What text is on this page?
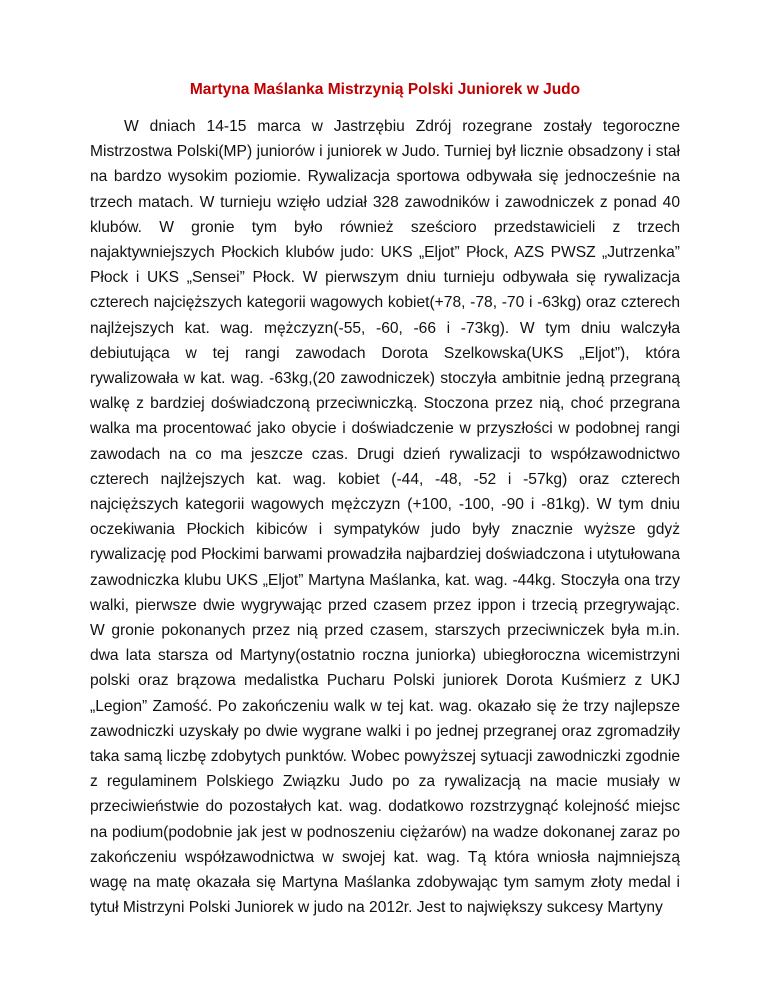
Martyna Maślanka Mistrzynią Polski Juniorek w Judo

W dniach 14-15 marca w Jastrzębiu Zdrój rozegrane zostały tegoroczne Mistrzostwa Polski(MP) juniorów i juniorek w Judo. Turniej był licznie obsadzony i stał na bardzo wysokim poziomie. Rywalizacja sportowa odbywała się jednocześnie na trzech matach. W turnieju wzięło udział 328 zawodników i zawodniczek z ponad 40 klubów. W gronie tym było również sześcioro przedstawicieli z trzech najaktywniejszych Płockich klubów judo: UKS „Eljot” Płock, AZS PWSZ „Jutrzenka” Płock i UKS „Sensei” Płock. W pierwszym dniu turnieju odbywała się rywalizacja czterech najcięższych kategorii wagowych kobiet(+78, -78, -70 i -63kg) oraz czterech najlżejszych kat. wag. mężczyzn(-55, -60, -66 i -73kg). W tym dniu walczyła debiutująca w tej rangi zawodach Dorota Szelkowska(UKS „Eljot”), która rywalizowała w kat. wag. -63kg,(20 zawodniczek) stoczyła ambitnie jedną przegraną walkę z bardziej doświadczoną przeciwniczką. Stoczona przez nią, choć przegrana walka ma procentować jako obycie i doświadczenie w przyszłości w podobnej rangi zawodach na co ma jeszcze czas. Drugi dzień rywalizacji to współzawodnictwo czterech najlżejszych kat. wag. kobiet (-44, -48, -52 i -57kg) oraz czterech najcięższych kategorii wagowych mężczyzn (+100, -100, -90 i -81kg). W tym dniu oczekiwania Płockich kibiców i sympatyków judo były znacznie wyższe gdyż rywalizację pod Płockimi barwami prowadziła najbardziej doświadczona i utytułowana zawodniczka klubu UKS „Eljot” Martyna Maślanka, kat. wag. -44kg. Stoczyła ona trzy walki, pierwsze dwie wygrywając przed czasem przez ippon i trzecią przegrywając. W gronie pokonanych przez nią przed czasem, starszych przeciwniczek była m.in. dwa lata starsza od Martyny(ostatnio roczna juniorka) ubiegłoroczna wicemistrzyni polski oraz brązowa medalistka Pucharu Polski juniorek Dorota Kuśmierz z UKJ „Legion” Zamość. Po zakończeniu walk w tej kat. wag. okazało się że trzy najlepsze zawodniczki uzyskały po dwie wygrane walki i po jednej przegranej oraz zgromadziły taka samą liczbę zdobytych punktów. Wobec powyższej sytuacji zawodniczki zgodnie z regulaminem Polskiego Związku Judo po za rywalizacją na macie musiały w przeciwieństwie do pozostałych kat. wag. dodatkowo rozstrzygnąć kolejność miejsc na podium(podobnie jak jest w podnoszeniu ciężarów) na wadze dokonanej zaraz po zakończeniu współzawodnictwa w swojej kat. wag. Tą która wniosła najmniejszą wagę na matę okazała się Martyna Maślanka zdobywając tym samym złoty medal i tytuł Mistrzyni Polski Juniorek w judo na 2012r. Jest to największy sukcesy Martyny
